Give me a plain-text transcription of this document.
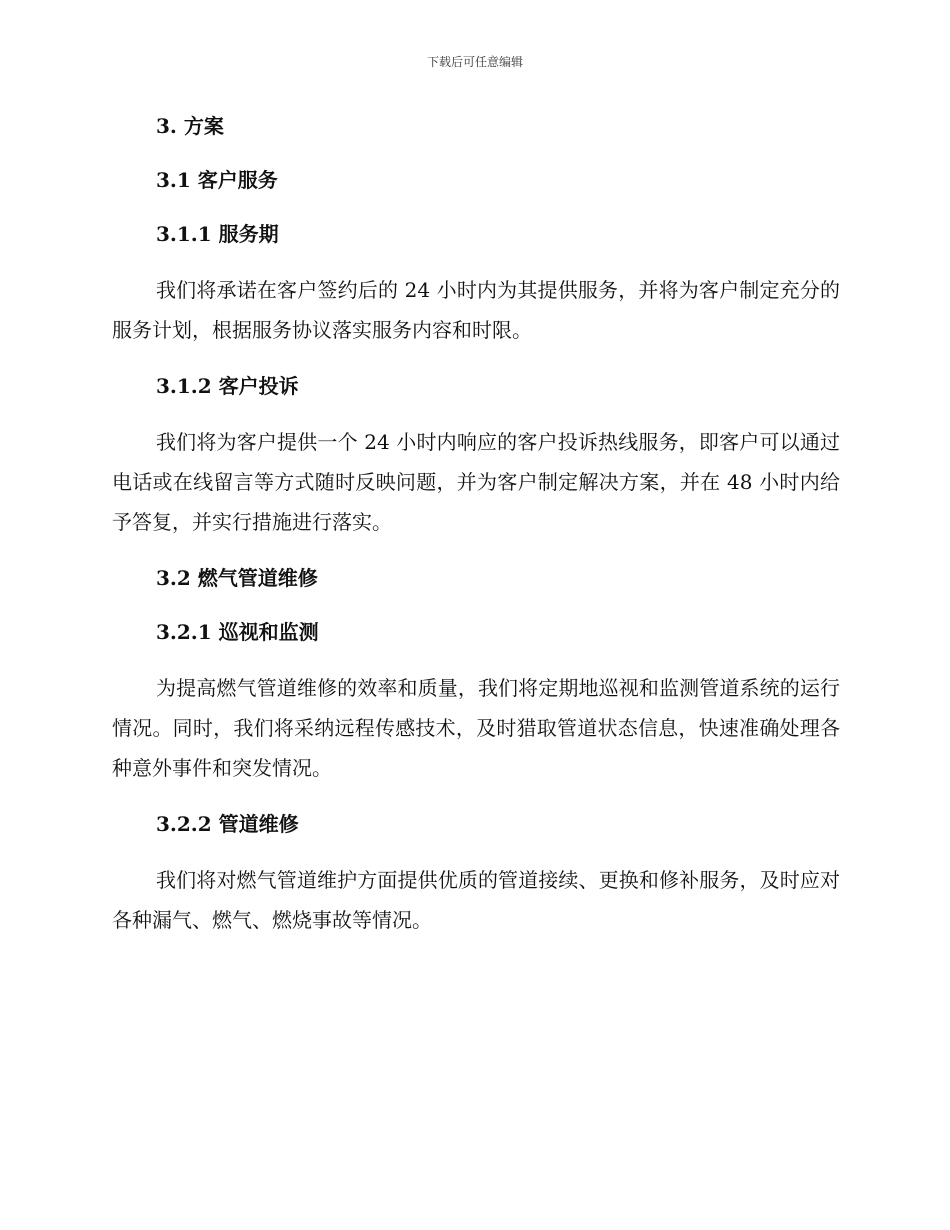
下载后可任意编辑
3. 方案
3.1 客户服务
3.1.1 服务期

我们将承诺在客户签约后的 24 小时内为其提供服务，并将为客户制定充分的服务计划，根据服务协议落实服务内容和时限。

3.1.2 客户投诉

我们将为客户提供一个 24 小时内响应的客户投诉热线服务，即客户可以通过电话或在线留言等方式随时反映问题，并为客户制定解决方案，并在 48 小时内给予答复，并实行措施进行落实。

3.2 燃气管道维修
3.2.1 巡视和监测

为提高燃气管道维修的效率和质量，我们将定期地巡视和监测管道系统的运行情况。同时，我们将采纳远程传感技术，及时猎取管道状态信息，快速准确处理各种意外事件和突发情况。

3.2.2 管道维修

我们将对燃气管道维护方面提供优质的管道接续、更换和修补服务，及时应对各种漏气、燃气、燃烧事故等情况。
